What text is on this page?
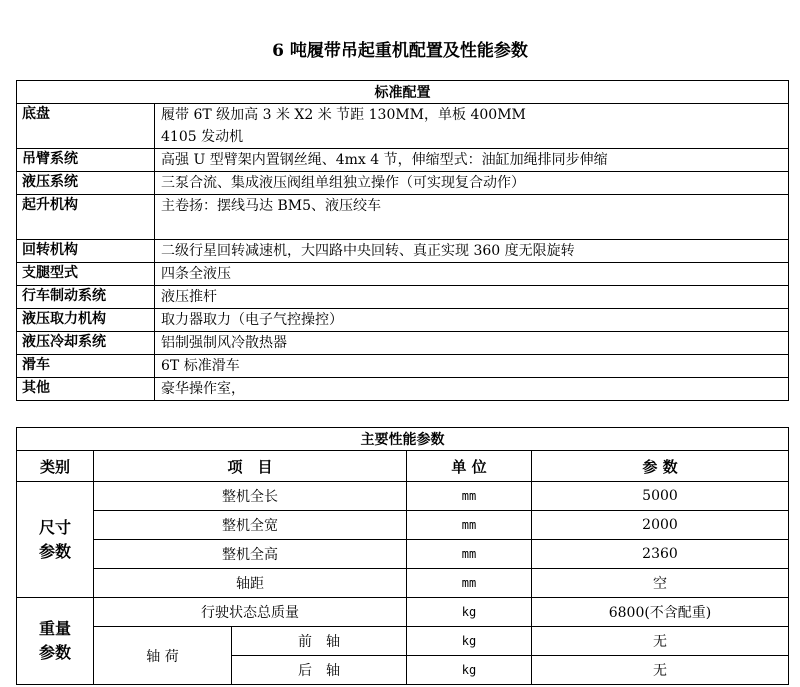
6 吨履带吊起重机配置及性能参数
标准配置	
底盘	履带 6T 级加高 3 米 X2 米 节距 130MM，单板 400MM
4105 发动机

吊臂系统	高强 U 型臂架内置钢丝绳、4mx 4 节，伸缩型式：油缸加绳排同步伸缩

液压系统	三泵合流、集成液压阀组单组独立操作（可实现复合动作）

起升机构	主卷扬：摆线马达 BM5、液压绞车

回转机构	二级行星回转减速机，大四路中央回转、真正实现 360 度无限旋转

支腿型式	四条全液压

行车制动系统	液压推杆

液压取力机构	取力器取力（电子气控操控）

液压冷却系统	铝制强制风冷散热器

滑车	6T 标准滑车

其他	豪华操作室，
主要性能参数				
类别	项　目		单 位	参 数

尺寸
参数	整机全长		mm	5000
	整机全宽		mm	2000
	整机全高		mm	2360
	轴距		mm	空

重量
参数	行驶状态总质量		kg	6800(不含配重)
	轴 荷	前　轴	kg	无
		后　轴	kg	无
